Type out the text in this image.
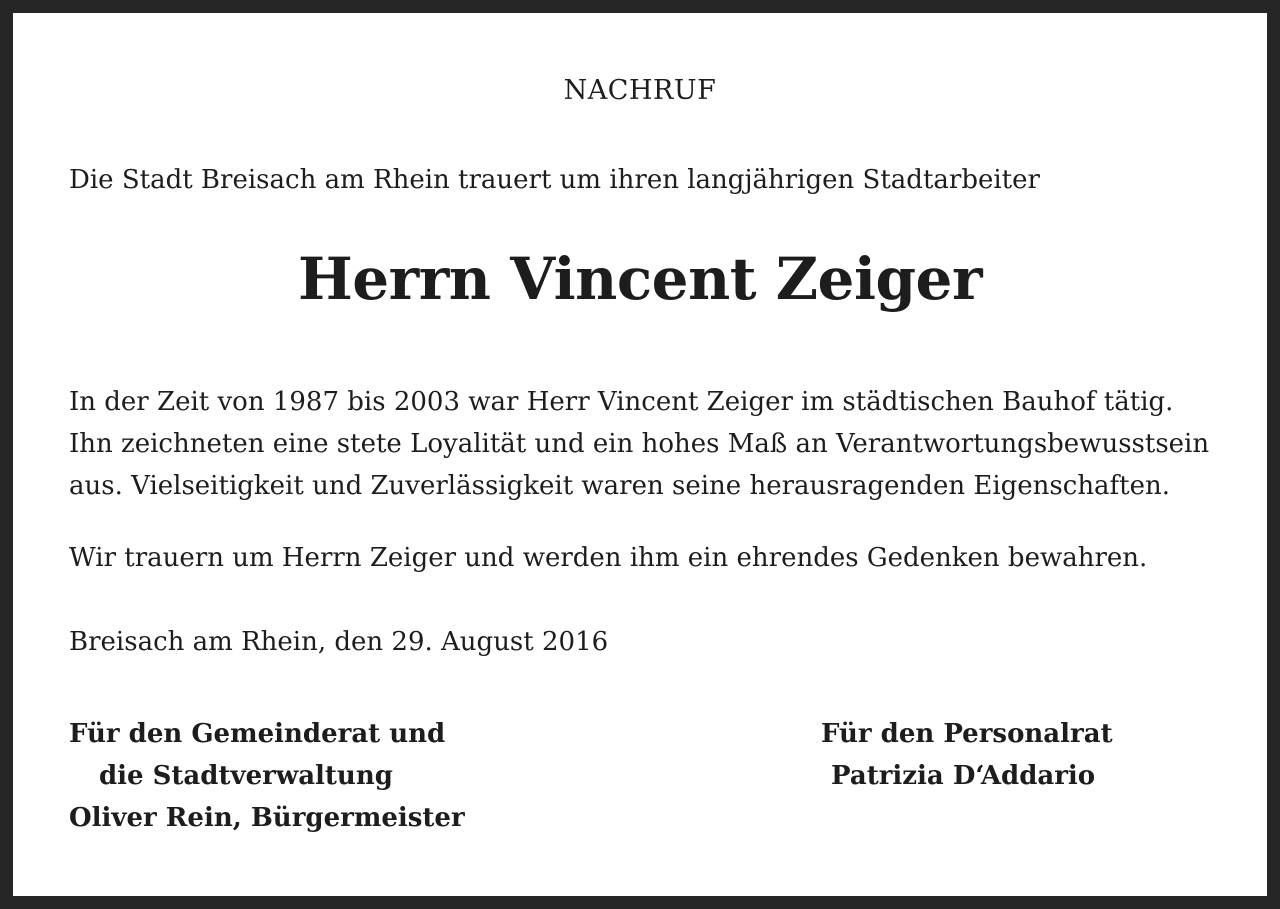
NACHRUF
Die Stadt Breisach am Rhein trauert um ihren langjährigen Stadtarbeiter
Herrn Vincent Zeiger
In der Zeit von 1987 bis 2003 war Herr Vincent Zeiger im städtischen Bauhof tätig.
Ihn zeichneten eine stete Loyalität und ein hohes Maß an Verantwortungsbewusstsein
aus. Vielseitigkeit und Zuverlässigkeit waren seine herausragenden Eigenschaften.
Wir trauern um Herrn Zeiger und werden ihm ein ehrendes Gedenken bewahren.
Breisach am Rhein, den 29. August 2016
Für den Gemeinderat und
die Stadtverwaltung
Oliver Rein, Bürgermeister
Für den Personalrat
Patrizia D‘Addario
